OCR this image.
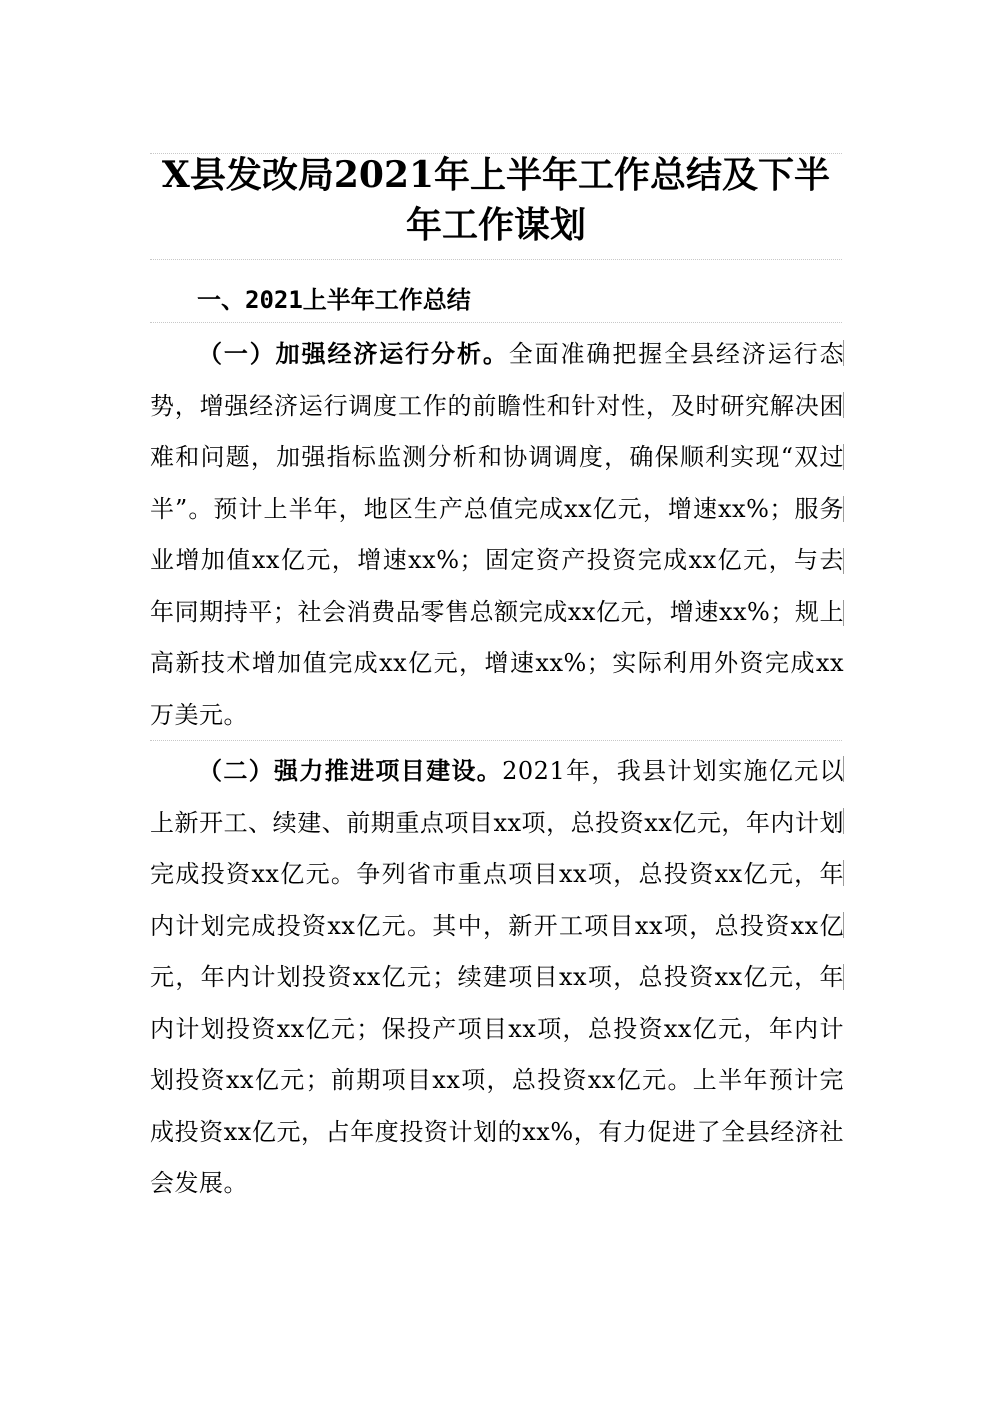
X县发改局2021年上半年工作总结及下半年工作谋划
一、2021上半年工作总结

（一）加强经济运行分析。全面准确把握全县经济运行态势，增强经济运行调度工作的前瞻性和针对性，及时研究解决困难和问题，加强指标监测分析和协调调度，确保顺利实现“双过半”。预计上半年，地区生产总值完成xx亿元，增速xx%；服务业增加值xx亿元，增速xx%；固定资产投资完成xx亿元，与去年同期持平；社会消费品零售总额完成xx亿元，增速xx%；规上高新技术增加值完成xx亿元，增速xx%；实际利用外资完成xx万美元。

（二）强力推进项目建设。2021年，我县计划实施亿元以上新开工、续建、前期重点项目xx项，总投资xx亿元，年内计划完成投资xx亿元。争列省市重点项目xx项，总投资xx亿元，年内计划完成投资xx亿元。其中，新开工项目xx项，总投资xx亿元，年内计划投资xx亿元；续建项目xx项，总投资xx亿元，年内计划投资xx亿元；保投产项目xx项，总投资xx亿元，年内计划投资xx亿元；前期项目xx项，总投资xx亿元。上半年预计完成投资xx亿元，占年度投资计划的xx%，有力促进了全县经济社会发展。
